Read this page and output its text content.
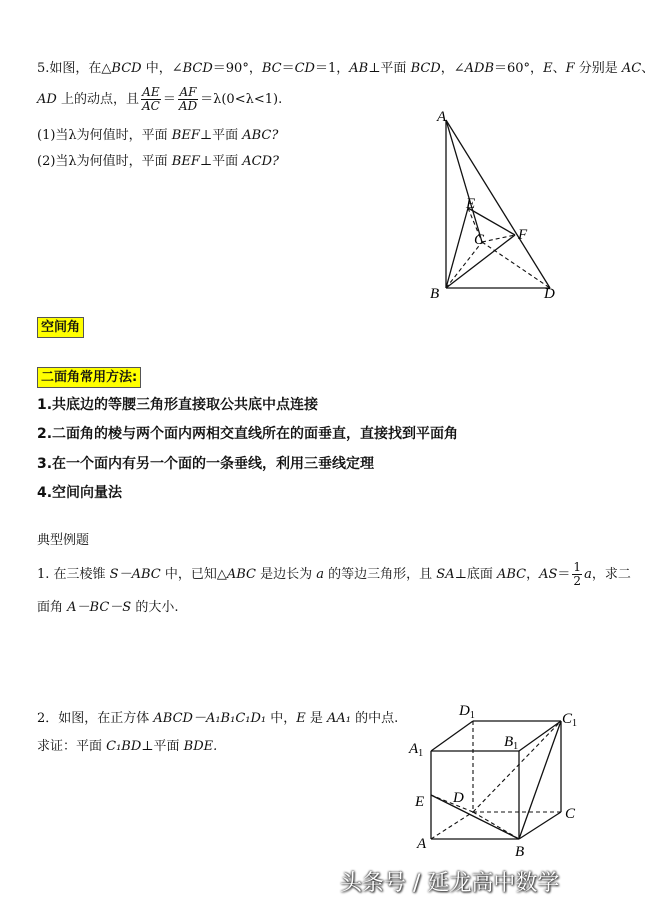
5.如图，在△BCD 中，∠BCD＝90°，BC＝CD＝1，AB⊥平面 BCD，∠ADB＝60°，E、F 分别是 AC、
AD 上的动点，且 $\frac{AE}{AC} = \frac{AF}{AD} =\lambda(0<\lambda<1)$.
(1)当λ为何值时，平面 BEF⊥平面 ABC?
(2)当λ为何值时，平面 BEF⊥平面 ACD?
A
B	D
C
E
F
空间角
二面角常用方法:
1.共底边的等腰三角形直接取公共底中点连接
2.二面角的棱与两个面内两相交直线所在的面垂直，直接找到平面角
3.在一个面内有另一个面的一条垂线，利用三垂线定理
4.空间向量法
典型例题
1. 在三棱锥 S－ABC 中，已知△ABC 是边长为 a 的等边三角形，且 SA⊥底面 ABC，$AS= \frac{1}{2}$ a，求二
面角 A－BC－S 的大小.
2．如图，在正方体 ABCD－A₁B₁C₁D₁ 中，E 是 AA₁ 的中点.
求证：平面 C₁BD⊥平面 BDE.
$D_1$	$C_1$
$A_1$
$B_1$
E D
C
A	B
头条号 / 延龙高中数学
